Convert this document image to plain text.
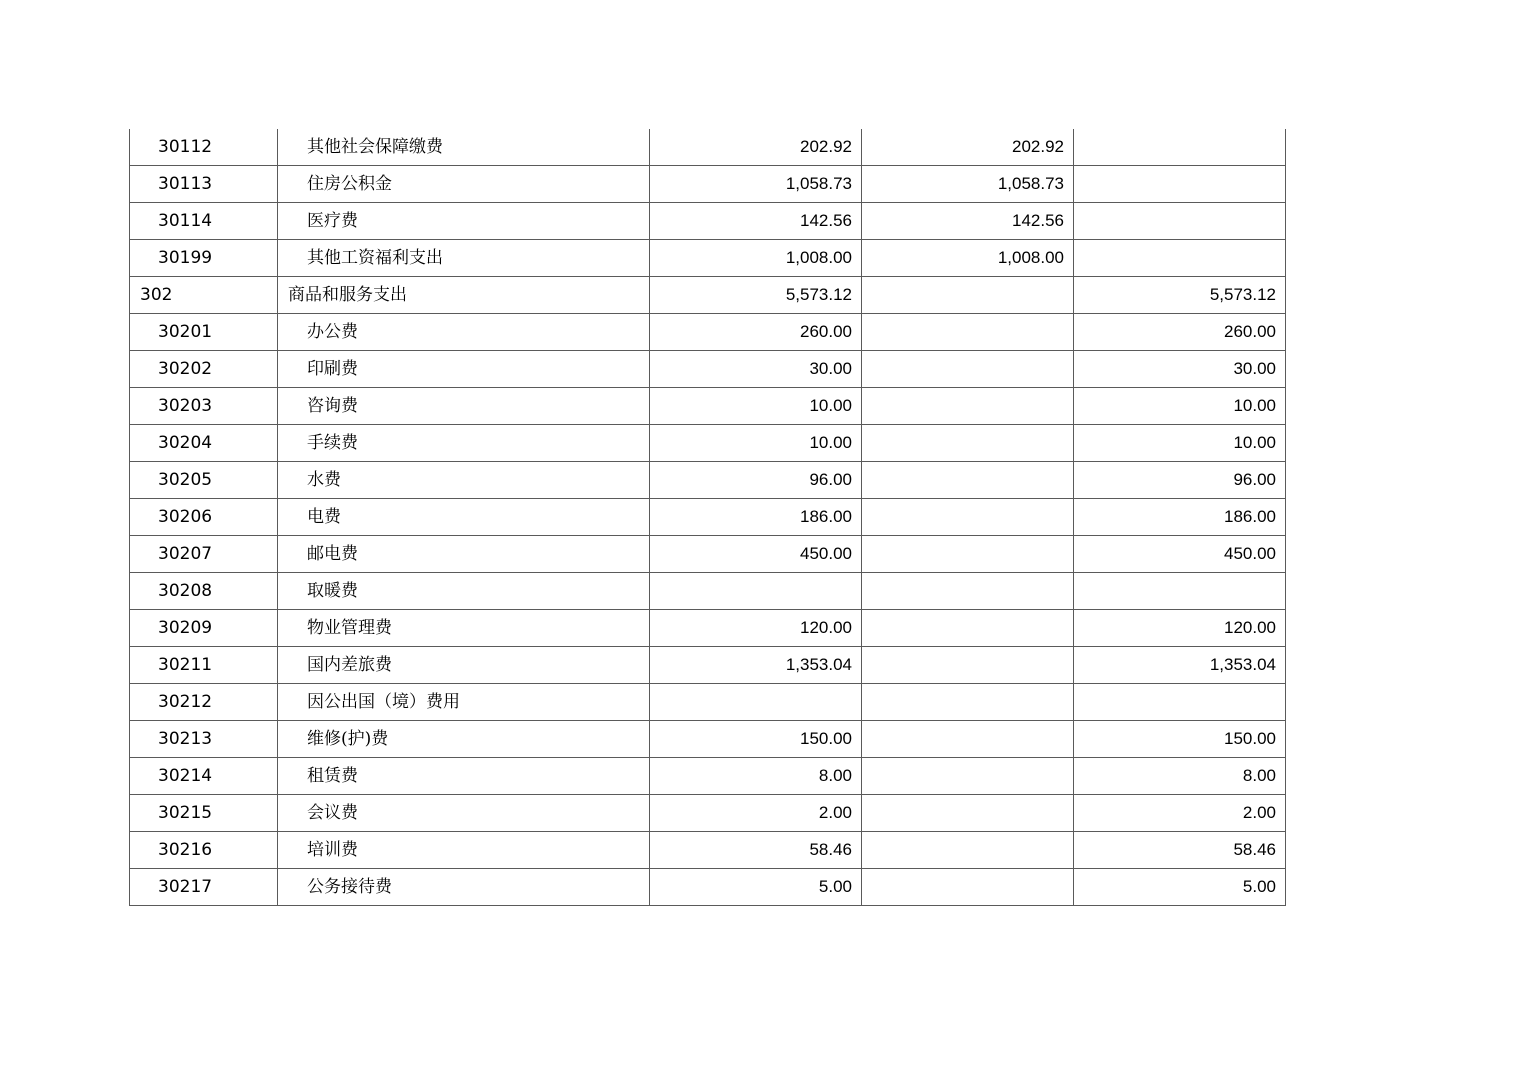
30112	其他社会保障缴费	202.92	202.92	
30113	住房公积金	1,058.73	1,058.73	
30114	医疗费	142.56	142.56	
30199	其他工资福利支出	1,008.00	1,008.00	
302	商品和服务支出	5,573.12		5,573.12
30201	办公费	260.00		260.00
30202	印刷费	30.00		30.00
30203	咨询费	10.00		10.00
30204	手续费	10.00		10.00
30205	水费	96.00		96.00
30206	电费	186.00		186.00
30207	邮电费	450.00		450.00
30208	取暖费			
30209	物业管理费	120.00		120.00
30211	国内差旅费	1,353.04		1,353.04
30212	因公出国（境）费用			
30213	维修(护)费	150.00		150.00
30214	租赁费	8.00		8.00
30215	会议费	2.00		2.00
30216	培训费	58.46		58.46
30217	公务接待费	5.00		5.00
